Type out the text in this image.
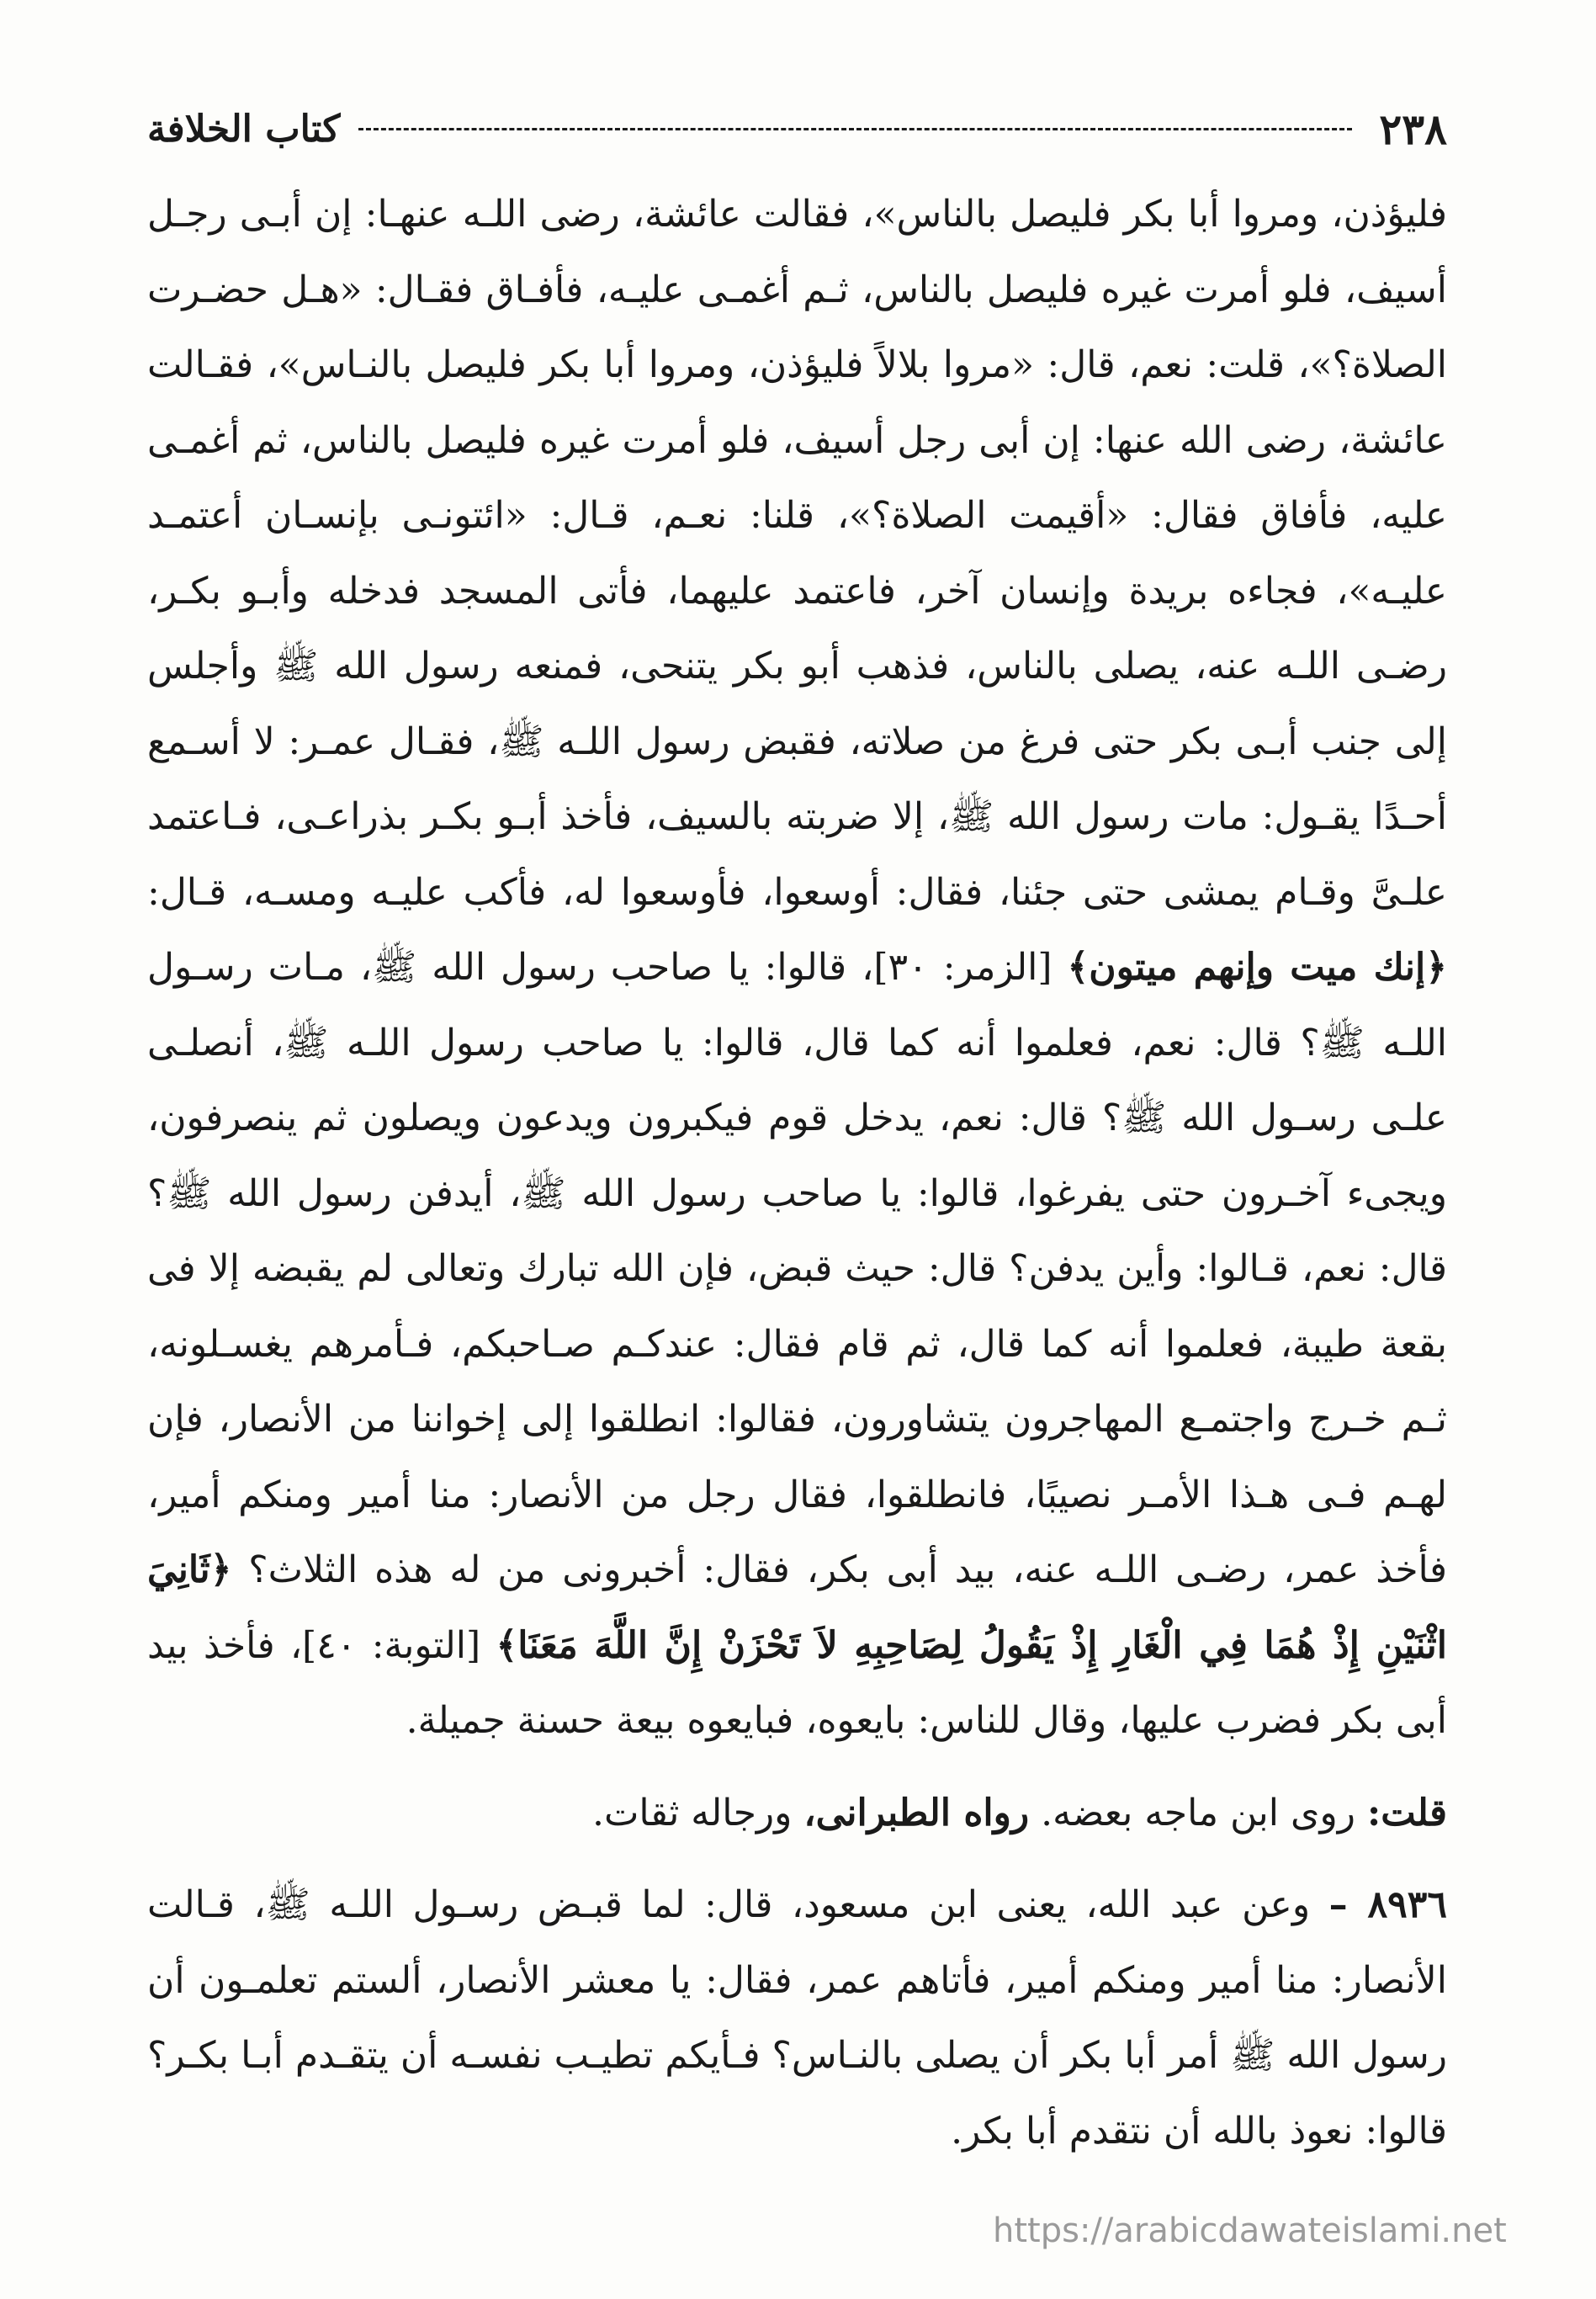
٢٣٨
كتاب الخلافة

فليؤذن، ومروا أبا بكر فليصل بالناس»، فقالت عائشة، رضى اللـه عنهـا: إن أبـى رجـل أسيف، فلو أمرت غيره فليصل بالناس، ثـم أغمـى عليـه، فأفـاق فقـال: «هـل حضـرت الصلاة؟»، قلت: نعم، قال: «مروا بلالاً فليؤذن، ومروا أبا بكر فليصل بالنـاس»، فقـالت عائشة، رضى الله عنها: إن أبى رجل أسيف، فلو أمرت غيره فليصل بالناس، ثم أغمـى عليه، فأفاق فقال: «أقيمت الصلاة؟»، قلنا: نعـم، قـال: «ائتونـى بإنسـان أعتمـد عليـه»، فجاءه بريدة وإنسان آخر، فاعتمد عليهما، فأتى المسجد فدخله وأبـو بكـر، رضـى اللـه عنه، يصلى بالناس، فذهب أبو بكر يتنحى، فمنعه رسول الله ﷺ وأجلس إلى جنب أبـى بكر حتى فرغ من صلاته، فقبض رسول اللـه ﷺ، فقـال عمـر: لا أسـمع أحـدًا يقـول: مات رسول الله ﷺ، إلا ضربته بالسيف، فأخذ أبـو بكـر بذراعـى، فـاعتمد علـىَّ وقـام يمشى حتى جئنا، فقال: أوسعوا، فأوسعوا له، فأكب عليـه ومسـه، قـال: ﴿إنك ميت وإنهم ميتون﴾ [الزمر: ٣٠]، قالوا: يا صاحب رسول الله ﷺ، مـات رسـول اللـه ﷺ؟ قال: نعم، فعلموا أنه كما قال، قالوا: يا صاحب رسول اللـه ﷺ، أنصلـى علـى رسـول الله ﷺ؟ قال: نعم، يدخل قوم فيكبرون ويدعون ويصلون ثم ينصرفون، ويجىء آخـرون حتى يفرغوا، قالوا: يا صاحب رسول الله ﷺ، أيدفن رسول الله ﷺ؟ قال: نعم، قـالوا: وأين يدفن؟ قال: حيث قبض، فإن الله تبارك وتعالى لم يقبضه إلا فى بقعة طيبة، فعلموا أنه كما قال، ثم قام فقال: عندكـم صـاحبكم، فـأمرهم يغسـلونه، ثـم خـرج واجتمـع المهاجرون يتشاورون، فقالوا: انطلقوا إلى إخواننا من الأنصار، فإن لهـم فـى هـذا الأمـر نصيبًا، فانطلقوا، فقال رجل من الأنصار: منا أمير ومنكم أمير، فأخذ عمر، رضـى اللـه عنه، بيد أبى بكر، فقال: أخبرونى من له هذه الثلاث؟ ﴿ثَانِيَ اثْنَيْنِ إِذْ هُمَا فِي الْغَارِ إِذْ يَقُولُ لِصَاحِبِهِ لاَ تَحْزَنْ إِنَّ اللَّهَ مَعَنَا﴾ [التوبة: ٤٠]، فأخذ بيد أبى بكر فضرب عليها، وقال للناس: بايعوه، فبايعوه بيعة حسنة جميلة.

قلت: روى ابن ماجه بعضه. رواه الطبرانى، ورجاله ثقات.

٨٩٣٦ – وعن عبد الله، يعنى ابن مسعود، قال: لما قبـض رسـول اللـه ﷺ، قـالت الأنصار: منا أمير ومنكم أمير، فأتاهم عمر، فقال: يا معشر الأنصار، ألستم تعلمـون أن رسول الله ﷺ أمر أبا بكر أن يصلى بالنـاس؟ فـأيكم تطيـب نفسـه أن يتقـدم أبـا بكـر؟ قالوا: نعوذ بالله أن نتقدم أبا بكر.

https://arabicdawateislami.net
